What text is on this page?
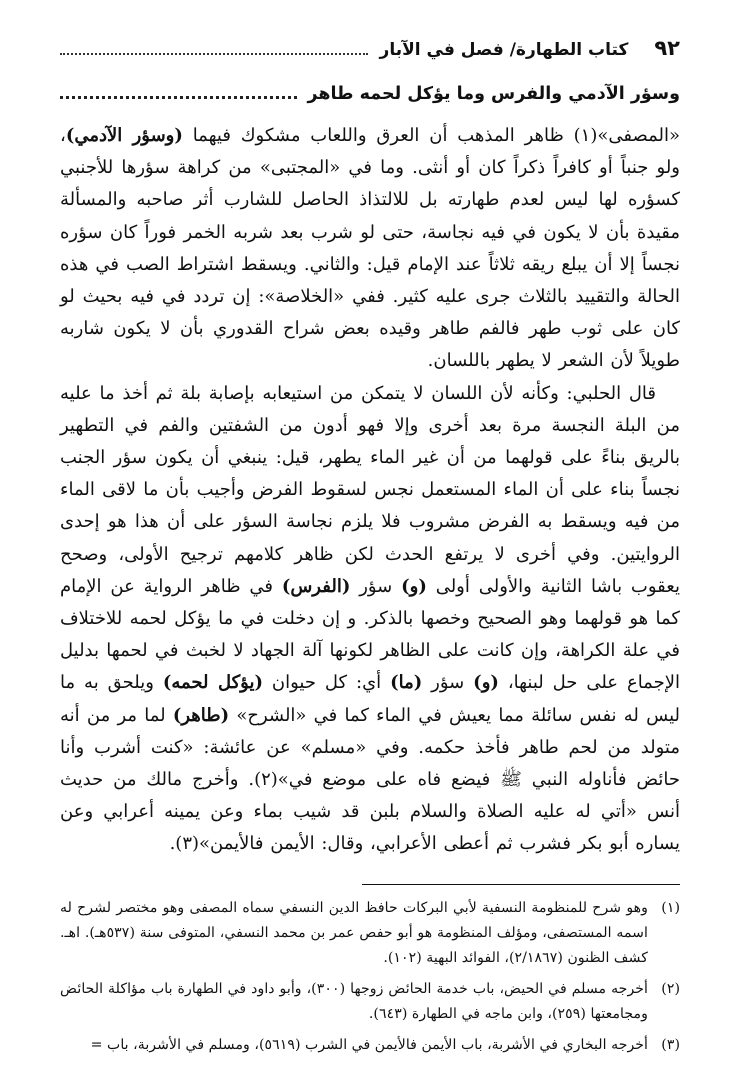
٩٢
كتاب الطهارة/ فصل في الآبار
وسؤر الآدمي والفرس وما يؤكل لحمه طاهر

«المصفى»(١) ظاهر المذهب أن العرق واللعاب مشكوك فيهما (وسؤر الآدمي)، ولو جنباً أو كافراً ذكراً كان أو أنثى. وما في «المجتبى» من كراهة سؤرها للأجنبي كسؤره لها ليس لعدم طهارته بل للالتذاذ الحاصل للشارب أثر صاحبه والمسألة مقيدة بأن لا يكون في فيه نجاسة، حتى لو شرب بعد شربه الخمر فوراً كان سؤره نجساً إلا أن يبلع ريقه ثلاثاً عند الإمام قيل: والثاني. ويسقط اشتراط الصب في هذه الحالة والتقييد بالثلاث جرى عليه كثير. ففي «الخلاصة»: إن تردد في فيه بحيث لو كان على ثوب طهر فالفم طاهر وقيده بعض شراح القدوري بأن لا يكون شاربه طويلاً لأن الشعر لا يطهر باللسان.

قال الحلبي: وكأنه لأن اللسان لا يتمكن من استيعابه بإصابة بلة ثم أخذ ما عليه من البلة النجسة مرة بعد أخرى وإلا فهو أدون من الشفتين والفم في التطهير بالريق بناءً على قولهما من أن غير الماء يطهر، قيل: ينبغي أن يكون سؤر الجنب نجساً بناء على أن الماء المستعمل نجس لسقوط الفرض وأجيب بأن ما لاقى الماء من فيه ويسقط به الفرض مشروب فلا يلزم نجاسة السؤر على أن هذا هو إحدى الروايتين. وفي أخرى لا يرتفع الحدث لكن ظاهر كلامهم ترجيح الأولى، وصحح يعقوب باشا الثانية والأولى أولى (و) سؤر (الفرس) في ظاهر الرواية عن الإمام كما هو قولهما وهو الصحيح وخصها بالذكر. و إن دخلت في ما يؤكل لحمه للاختلاف في علة الكراهة، وإن كانت على الظاهر لكونها آلة الجهاد لا لخبث في لحمها بدليل الإجماع على حل لبنها، (و) سؤر (ما) أي: كل حيوان (يؤكل لحمه) ويلحق به ما ليس له نفس سائلة مما يعيش في الماء كما في «الشرح» (طاهر) لما مر من أنه متولد من لحم طاهر فأخذ حكمه. وفي «مسلم» عن عائشة: «كنت أشرب وأنا حائض فأناوله النبي ﷺ فيضع فاه على موضع في»(٢). وأخرج مالك من حديث أنس «أتي له عليه الصلاة والسلام بلبن قد شيب بماء وعن يمينه أعرابي وعن يساره أبو بكر فشرب ثم أعطى الأعرابي، وقال: الأيمن فالأيمن»(٣).

(١)
وهو شرح للمنظومة النسفية لأبي البركات حافظ الدين النسفي سماه المصفى وهو مختصر لشرح له اسمه المستصفى، ومؤلف المنظومة هو أبو حفص عمر بن محمد النسفي، المتوفى سنة (٥٣٧هـ). اهـ. كشف الظنون (٢/١٨٦٧)، الفوائد البهية (١٠٢).
(٢)
أخرجه مسلم في الحيض، باب خدمة الحائض زوجها (٣٠٠)، وأبو داود في الطهارة باب مؤاكلة الحائض ومجامعتها (٢٥٩)، وابن ماجه في الطهارة (٦٤٣).
(٣)
أخرجه البخاري في الأشربة، باب الأيمن فالأيمن في الشرب (٥٦١٩)، ومسلم في الأشربة، باب =
